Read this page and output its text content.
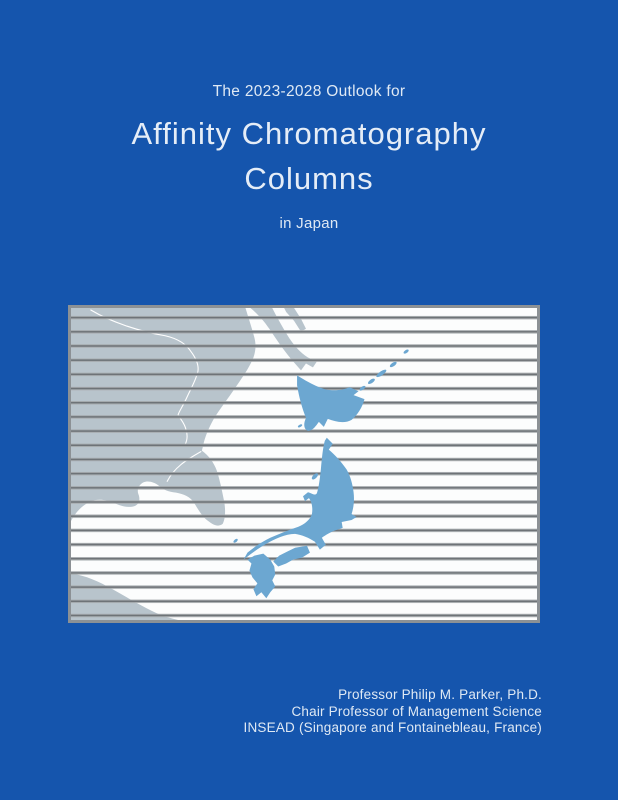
The 2023-2028 Outlook for
Affinity Chromatography
Columns
in Japan
Professor Philip M. Parker, Ph.D.
Chair Professor of Management Science
INSEAD (Singapore and Fontainebleau, France)
